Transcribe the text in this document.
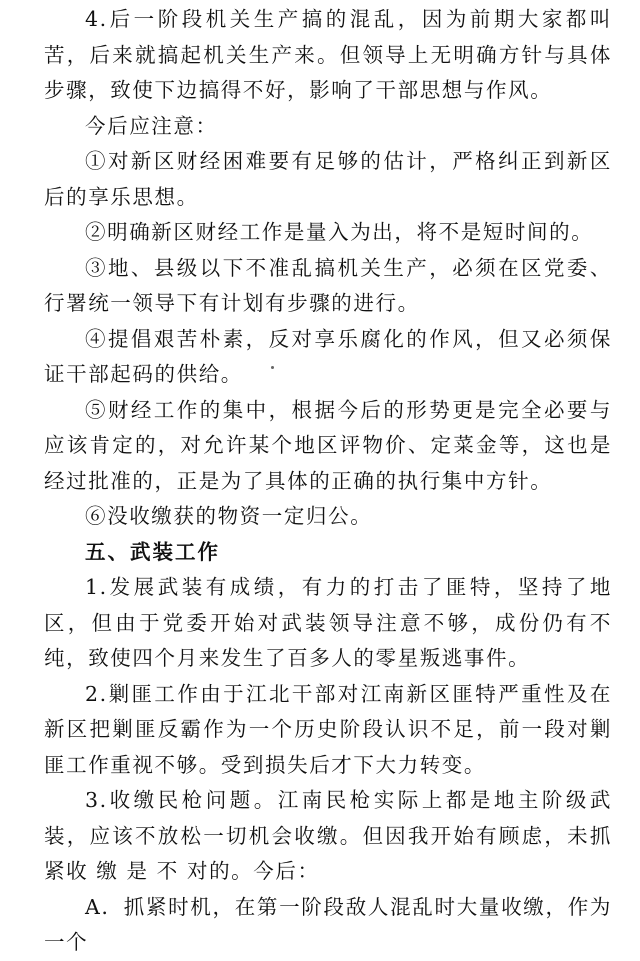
4.后一阶段机关生产搞的混乱，因为前期大家都叫苦，后来就搞起机关生产来。但领导上无明确方针与具体步骤，致使下边搞得不好，影响了干部思想与作风。

今后应注意：

①对新区财经困难要有足够的估计，严格纠正到新区后的享乐思想。

②明确新区财经工作是量入为出，将不是短时间的。

③地、县级以下不准乱搞机关生产，必须在区党委、行署统一领导下有计划有步骤的进行。

④提倡艰苦朴素，反对享乐腐化的作风，但又必须保证干部起码的供给。

⑤财经工作的集中，根据今后的形势更是完全必要与应该肯定的，对允许某个地区评物价、定菜金等，这也是经过批准的，正是为了具体的正确的执行集中方针。

⑥没收缴获的物资一定归公。

五、武装工作

1.发展武装有成绩，有力的打击了匪特，坚持了地区，但由于党委开始对武装领导注意不够，成份仍有不纯，致使四个月来发生了百多人的零星叛逃事件。

2.剿匪工作由于江北干部对江南新区匪特严重性及在新区把剿匪反霸作为一个历史阶段认识不足，前一段对剿匪工作重视不够。受到损失后才下大力转变。

3.收缴民枪问题。江南民枪实际上都是地主阶级武装，应该不放松一切机会收缴。但因我开始有顾虑，未抓紧收 缴 是 不 对的。今后：

A．抓紧时机，在第一阶段敌人混乱时大量收缴，作为一个
